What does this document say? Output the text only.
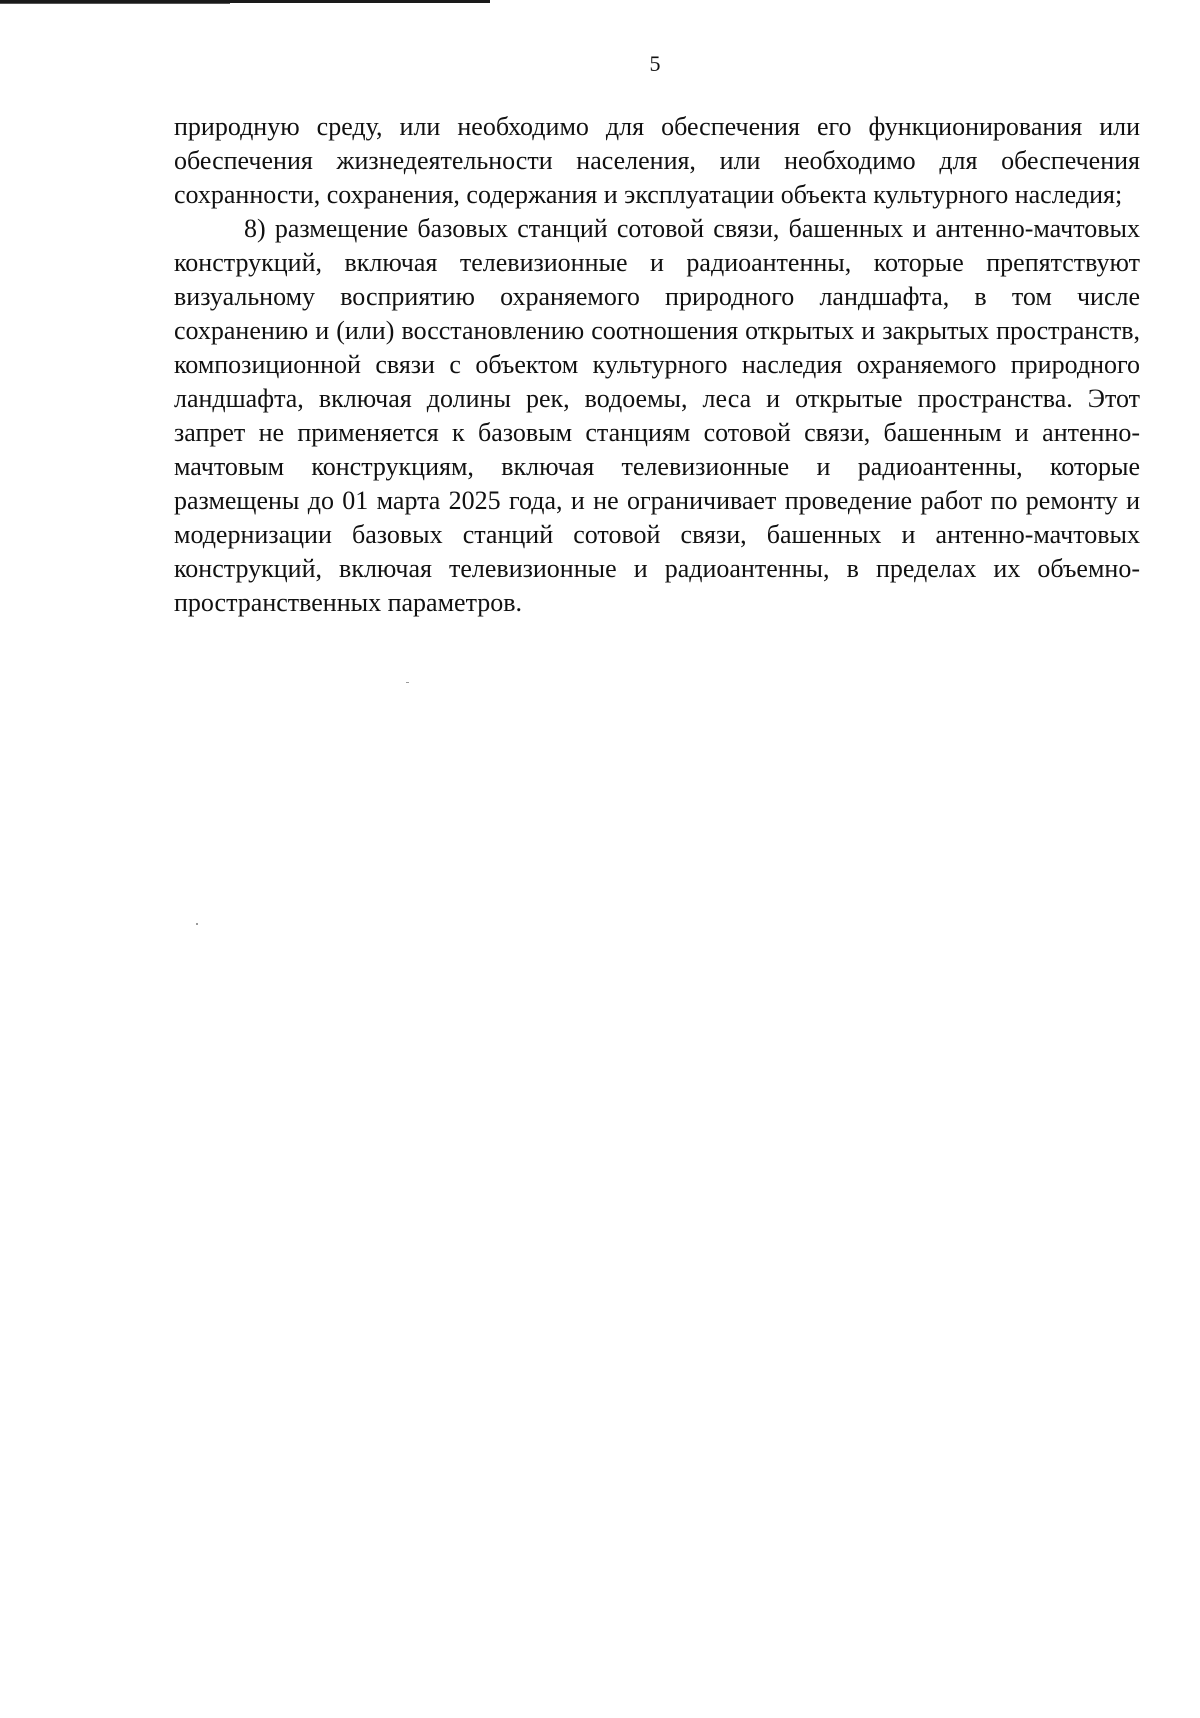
5

природную среду, или необходимо для обеспечения его функционирования или обеспечения жизнедеятельности населения, или необходимо для обеспечения сохранности, сохранения, содержания и эксплуатации объекта культурного наследия;

8) размещение базовых станций сотовой связи, башенных и антенно-мачтовых конструкций, включая телевизионные и радиоантенны, которые препятствуют визуальному восприятию охраняемого природного ландшафта, в том числе сохранению и (или) восстановлению соотношения открытых и закрытых пространств, композиционной связи с объектом культурного наследия охраняемого природного ландшафта, включая долины рек, водоемы, леса и открытые пространства. Этот запрет не применяется к базовым станциям сотовой связи, башенным и антенно-мачтовым конструкциям, включая телевизионные и радиоантенны, которые размещены до 01 марта 2025 года, и не ограничивает проведение работ по ремонту и модернизации базовых станций сотовой связи, башенных и антенно-мачтовых конструкций, включая телевизионные и радиоантенны, в пределах их объемно-пространственных параметров.
